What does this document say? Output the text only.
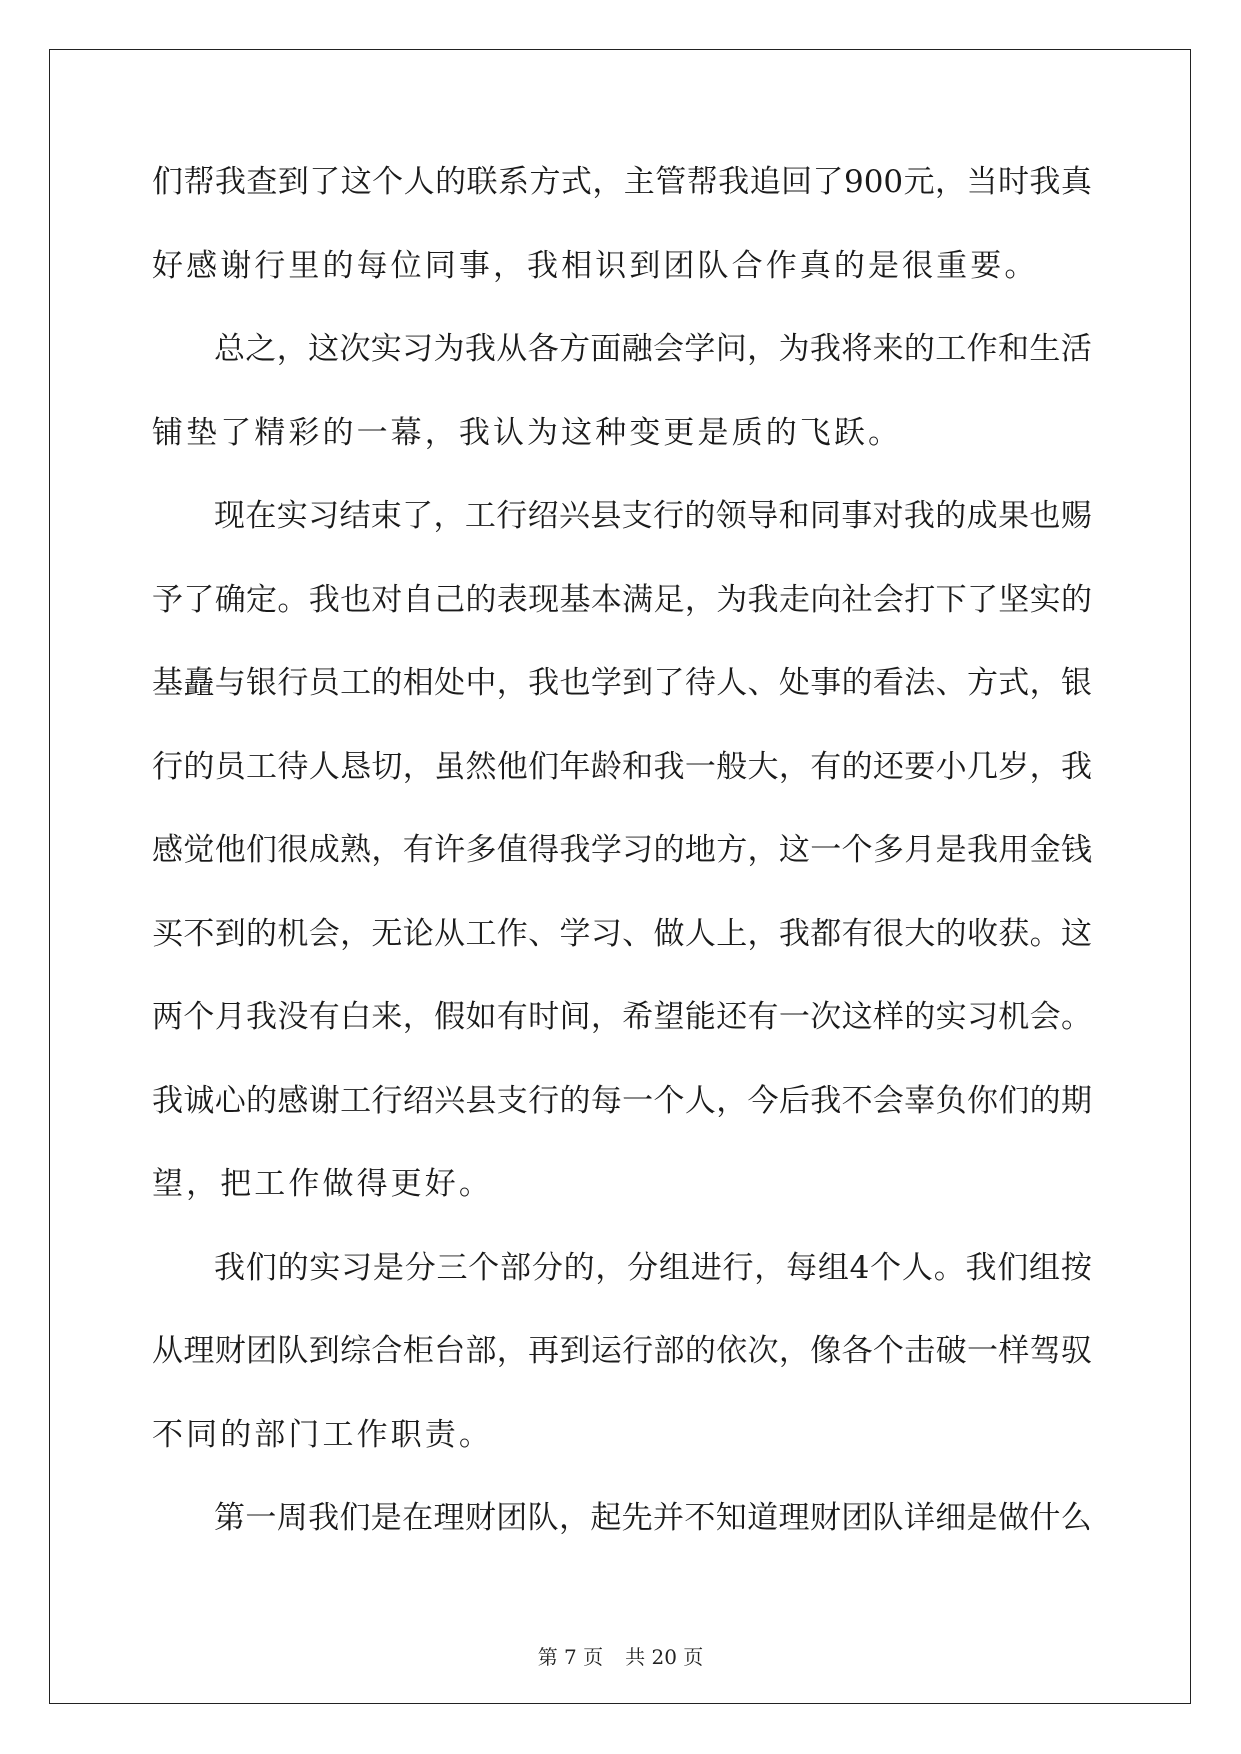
们 帮 我 查 到 了 这 个 人 的 联 系 方 式 ， 主 管 帮 我 追 回 了 900 元 ， 当 时 我 真
好 感 谢 行 里 的 每 位 同 事 ， 我 相 识 到 团 队 合 作 真 的 是 很 重 要 。
总 之 ， 这 次 实 习 为 我 从 各 方 面 融 会 学 问 ， 为 我 将 来 的 工 作 和 生 活
铺 垫 了 精 彩 的 一 幕 ， 我 认 为 这 种 变 更 是 质 的 飞 跃 。
现 在 实 习 结 束 了 ， 工 行 绍 兴 县 支 行 的 领 导 和 同 事 对 我 的 成 果 也 赐
予 了 确 定 。 我 也 对 自 己 的 表 现 基 本 满 足 ， 为 我 走 向 社 会 打 下 了 坚 实 的
基 矗 与 银 行 员 工 的 相 处 中 ， 我 也 学 到 了 待 人 、 处 事 的 看 法 、 方 式 ， 银
行 的 员 工 待 人 恳 切 ， 虽 然 他 们 年 龄 和 我 一 般 大 ， 有 的 还 要 小 几 岁 ， 我
感 觉 他 们 很 成 熟 ， 有 许 多 值 得 我 学 习 的 地 方 ， 这 一 个 多 月 是 我 用 金 钱
买 不 到 的 机 会 ， 无 论 从 工 作 、 学 习 、 做 人 上 ， 我 都 有 很 大 的 收 获 。 这
两 个 月 我 没 有 白 来 ， 假 如 有 时 间 ， 希 望 能 还 有 一 次 这 样 的 实 习 机 会 。
我 诚 心 的 感 谢 工 行 绍 兴 县 支 行 的 每 一 个 人 ， 今 后 我 不 会 辜 负 你 们 的 期
望 ， 把 工 作 做 得 更 好 。
我 们 的 实 习 是 分 三 个 部 分 的 ， 分 组 进 行 ， 每 组 4 个 人 。 我 们 组 按
从 理 财 团 队 到 综 合 柜 台 部 ， 再 到 运 行 部 的 依 次 ， 像 各 个 击 破 一 样 驾 驭
不 同 的 部 门 工 作 职 责 。
第 一 周 我 们 是 在 理 财 团 队 ， 起 先 并 不 知 道 理 财 团 队 详 细 是 做 什 么
第 7 页 共 20 页
